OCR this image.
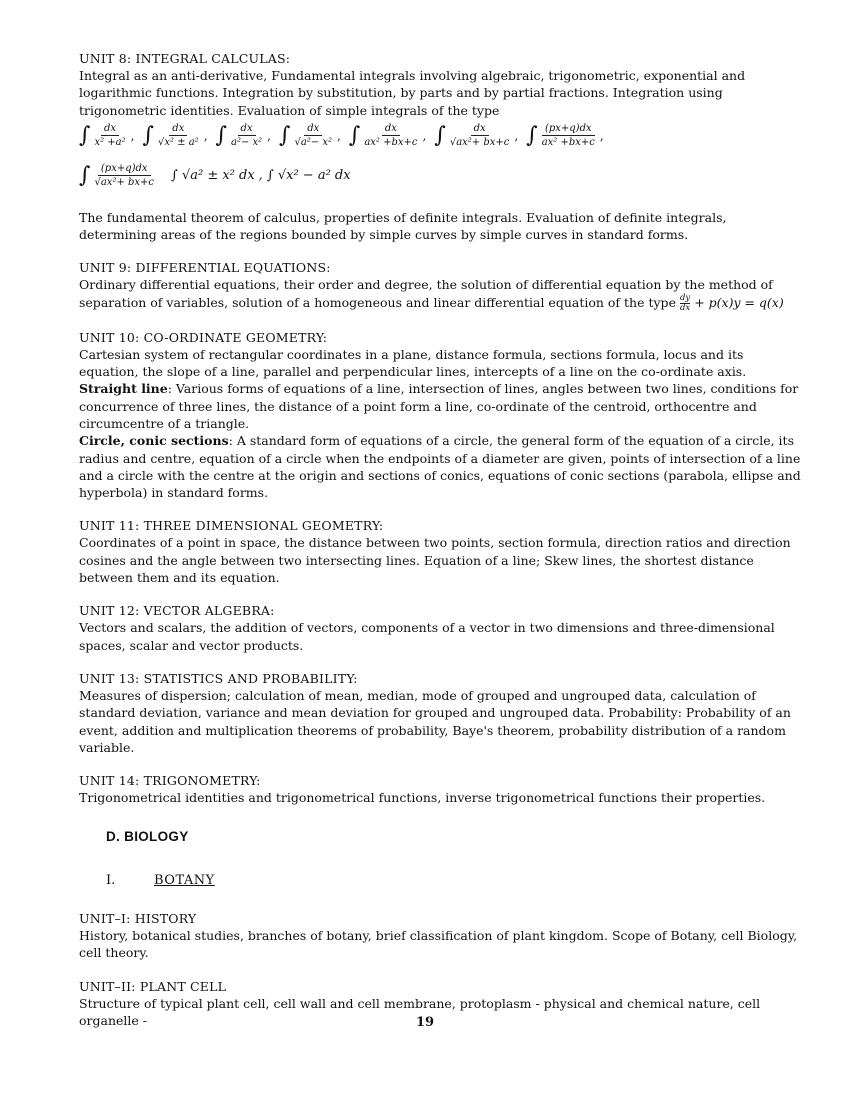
UNIT 8: INTEGRAL CALCULAS:

Integral as an anti-derivative, Fundamental integrals involving algebraic, trigonometric, exponential and logarithmic functions. Integration by substitution, by parts and by partial fractions. Integration using trigonometric identities. Evaluation of simple integrals of the type

∫ $\frac{dx}{\text{x² +a²}}$ , ∫ $\frac{dx}{\text{√x² ± a²}}$ , ∫ $\frac{dx}{\text{a²− x²}}$ , ∫ $\frac{dx}{\text{√a²− x²}}$ , ∫ $\frac{dx}{\text{ax² +bx+c}}$ , ∫ $\frac{dx}{\text{√ax²+ bx+c}}$ , ∫ $\frac{(px+q)dx}{\text{ax² +bx+c}}$ ,
∫ $\frac{(px+q)dx}{\text{√ax²+ bx+c}}$ ∫ √a² ± x² dx , ∫ √x² − a² dx

The fundamental theorem of calculus, properties of definite integrals. Evaluation of definite integrals, determining areas of the regions bounded by simple curves by simple curves in standard forms.

UNIT 9: DIFFERENTIAL EQUATIONS:

Ordinary differential equations, their order and degree, the solution of differential equation by the method of
separation of variables, solution of a homogeneous and linear differential equation of the type $\frac{dy}{dx} + p(x)y = q(x)$

UNIT 10: CO-ORDINATE GEOMETRY:

Cartesian system of rectangular coordinates in a plane, distance formula, sections formula, locus and its equation, the slope of a line, parallel and perpendicular lines, intercepts of a line on the co-ordinate axis.

Straight line: Various forms of equations of a line, intersection of lines, angles between two lines, conditions for concurrence of three lines, the distance of a point form a line, co-ordinate of the centroid, orthocentre and circumcentre of a triangle.

Circle, conic sections: A standard form of equations of a circle, the general form of the equation of a circle, its radius and centre, equation of a circle when the endpoints of a diameter are given, points of intersection of a line and a circle with the centre at the origin and sections of conics, equations of conic sections (parabola, ellipse and hyperbola) in standard forms.

UNIT 11: THREE DIMENSIONAL GEOMETRY:

Coordinates of a point in space, the distance between two points, section formula, direction ratios and direction cosines and the angle between two intersecting lines. Equation of a line; Skew lines, the shortest distance between them and its equation.

UNIT 12: VECTOR ALGEBRA:

Vectors and scalars, the addition of vectors, components of a vector in two dimensions and three-dimensional spaces, scalar and vector products.

UNIT 13: STATISTICS AND PROBABILITY:

Measures of dispersion; calculation of mean, median, mode of grouped and ungrouped data, calculation of standard deviation, variance and mean deviation for grouped and ungrouped data. Probability: Probability of an event, addition and multiplication theorems of probability, Baye's theorem, probability distribution of a random variable.

UNIT 14: TRIGONOMETRY:

Trigonometrical identities and trigonometrical functions, inverse trigonometrical functions their properties.

D. BIOLOGY
I.	BOTANY
UNIT–I: HISTORY

History, botanical studies, branches of botany, brief classification of plant kingdom. Scope of Botany, cell Biology, cell theory.

UNIT–II: PLANT CELL

Structure of typical plant cell, cell wall and cell membrane, protoplasm - physical and chemical nature, cell organelle -	19
